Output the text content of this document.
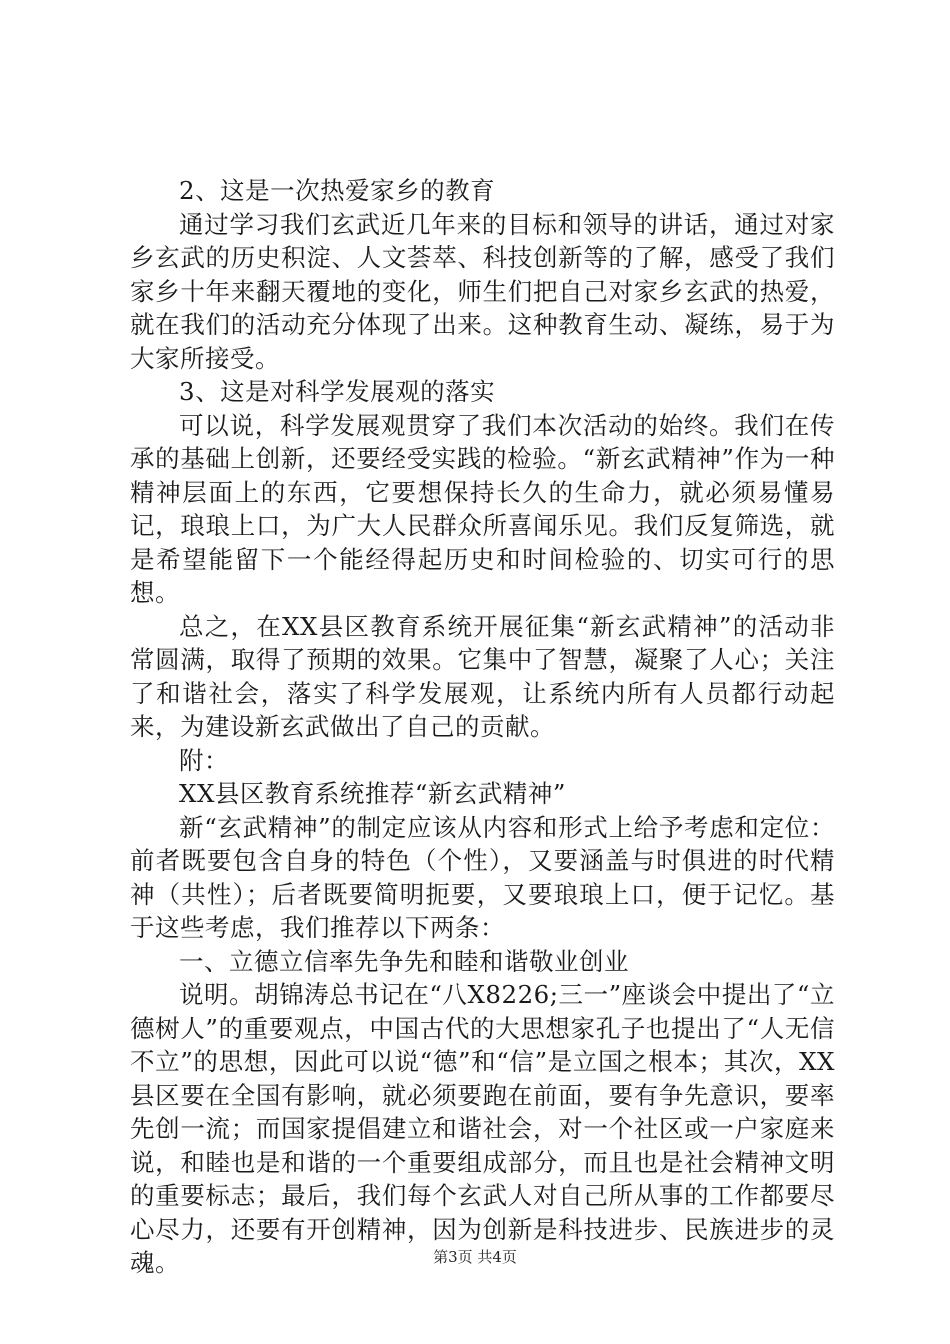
2、这是一次热爱家乡的教育

通过学习我们玄武近几年来的目标和领导的讲话，通过对家乡玄武的历史积淀、人文荟萃、科技创新等的了解，感受了我们家乡十年来翻天覆地的变化，师生们把自己对家乡玄武的热爱，就在我们的活动充分体现了出来。这种教育生动、凝练，易于为大家所接受。

3、这是对科学发展观的落实

可以说，科学发展观贯穿了我们本次活动的始终。我们在传承的基础上创新，还要经受实践的检验。“新玄武精神”作为一种精神层面上的东西，它要想保持长久的生命力，就必须易懂易记，琅琅上口，为广大人民群众所喜闻乐见。我们反复筛选，就是希望能留下一个能经得起历史和时间检验的、切实可行的思想。

总之，在XX县区教育系统开展征集“新玄武精神”的活动非常圆满，取得了预期的效果。它集中了智慧，凝聚了人心；关注了和谐社会，落实了科学发展观，让系统内所有人员都行动起来，为建设新玄武做出了自己的贡献。

附：

XX县区教育系统推荐“新玄武精神”

新“玄武精神”的制定应该从内容和形式上给予考虑和定位：前者既要包含自身的特色（个性），又要涵盖与时俱进的时代精神（共性）；后者既要简明扼要，又要琅琅上口，便于记忆。基于这些考虑，我们推荐以下两条：

一、立德立信率先争先和睦和谐敬业创业

说明。胡锦涛总书记在“八X8226;三一”座谈会中提出了“立德树人”的重要观点，中国古代的大思想家孔子也提出了“人无信不立”的思想，因此可以说“德”和“信”是立国之根本；其次，XX县区要在全国有影响，就必须要跑在前面，要有争先意识，要率先创一流；而国家提倡建立和谐社会，对一个社区或一户家庭来说，和睦也是和谐的一个重要组成部分，而且也是社会精神文明的重要标志；最后，我们每个玄武人对自己所从事的工作都要尽心尽力，还要有开创精神，因为创新是科技进步、民族进步的灵魂。	第3页 共4页
